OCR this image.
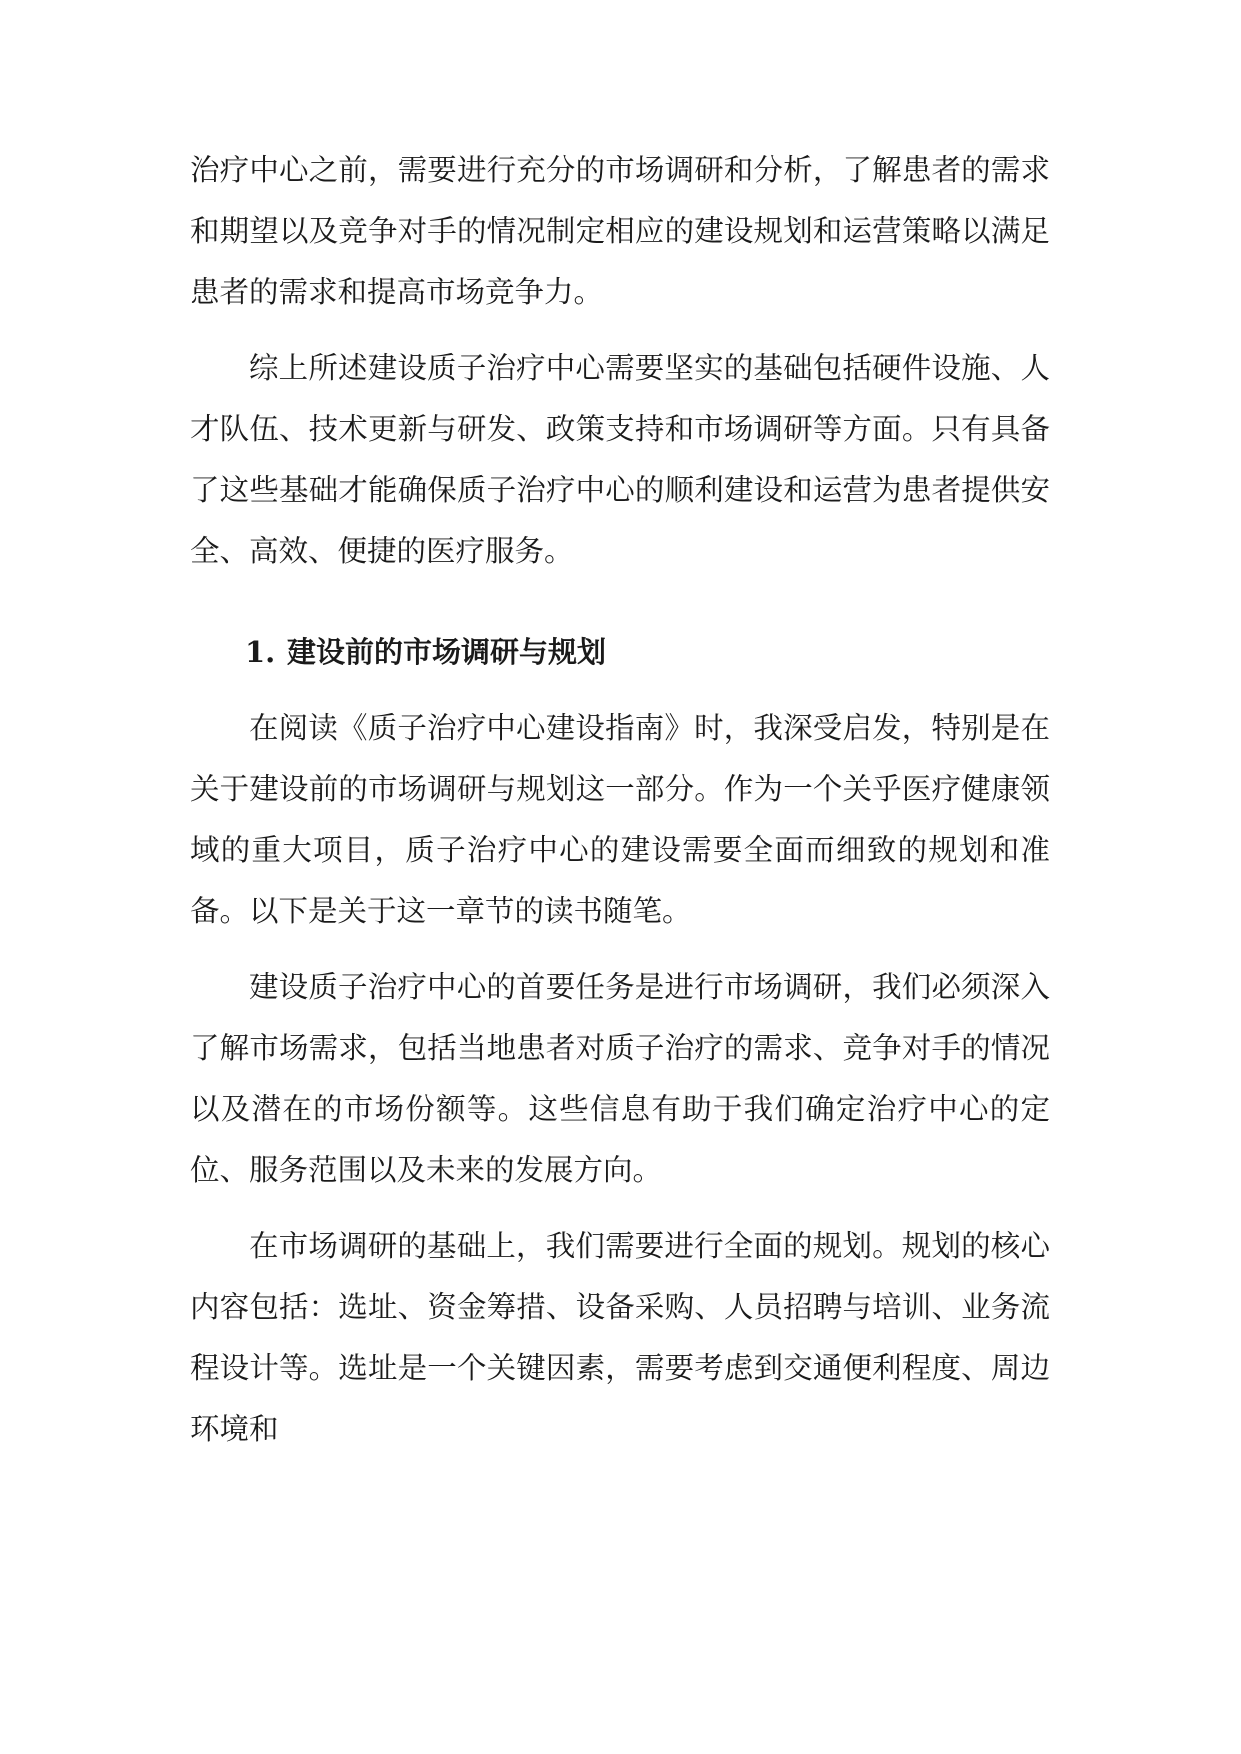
治疗中心之前，需要进行充分的市场调研和分析，了解患者的需求和期望以及竞争对手的情况制定相应的建设规划和运营策略以满足患者的需求和提高市场竞争力。

综上所述建设质子治疗中心需要坚实的基础包括硬件设施、人才队伍、技术更新与研发、政策支持和市场调研等方面。只有具备了这些基础才能确保质子治疗中心的顺利建设和运营为患者提供安全、高效、便捷的医疗服务。

1. 建设前的市场调研与规划

在阅读《质子治疗中心建设指南》时，我深受启发，特别是在关于建设前的市场调研与规划这一部分。作为一个关乎医疗健康领域的重大项目，质子治疗中心的建设需要全面而细致的规划和准备。以下是关于这一章节的读书随笔。

建设质子治疗中心的首要任务是进行市场调研，我们必须深入了解市场需求，包括当地患者对质子治疗的需求、竞争对手的情况以及潜在的市场份额等。这些信息有助于我们确定治疗中心的定位、服务范围以及未来的发展方向。

在市场调研的基础上，我们需要进行全面的规划。规划的核心内容包括：选址、资金筹措、设备采购、人员招聘与培训、业务流程设计等。选址是一个关键因素，需要考虑到交通便利程度、周边环境和
